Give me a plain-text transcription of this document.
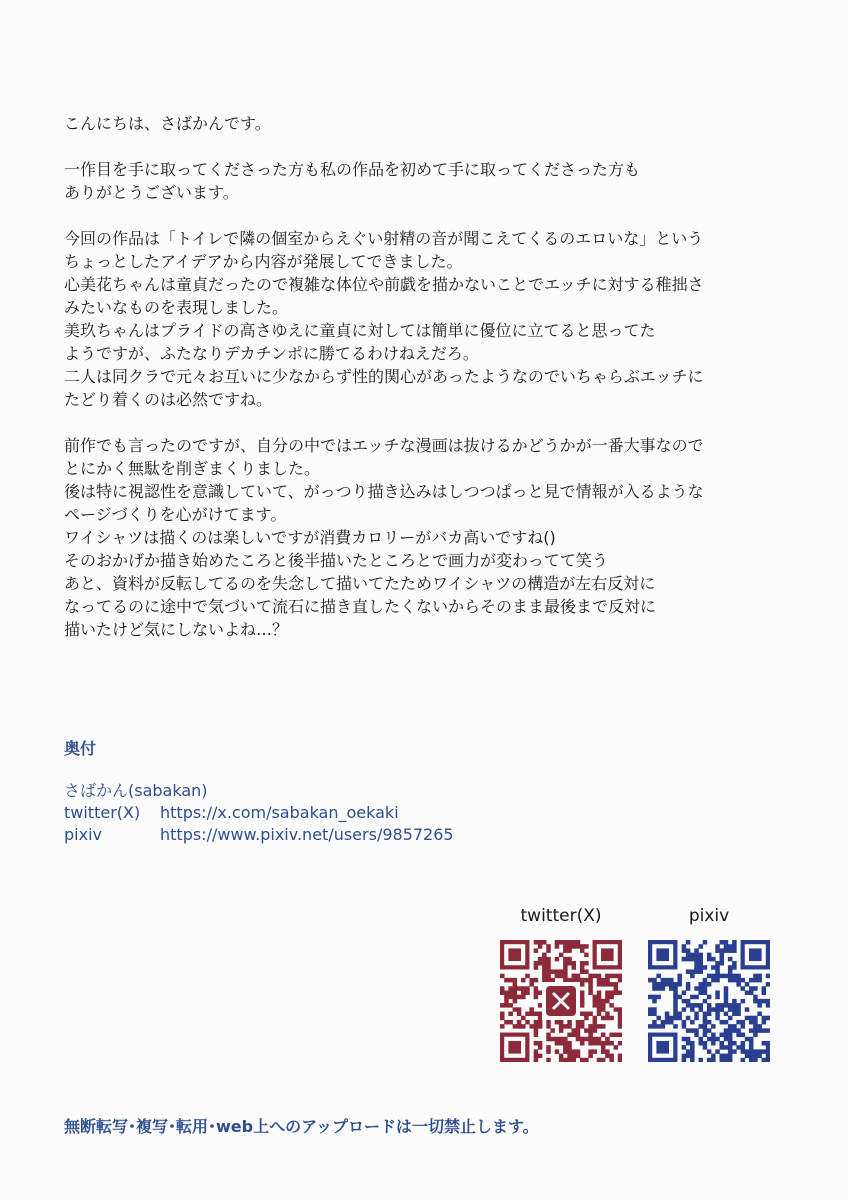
こんにちは、さばかんです。
一作目を手に取ってくださった方も私の作品を初めて手に取ってくださった方も
ありがとうございます。
今回の作品は「トイレで隣の個室からえぐい射精の音が聞こえてくるのエロいな」という
ちょっとしたアイデアから内容が発展してできました。
心美花ちゃんは童貞だったので複雑な体位や前戯を描かないことでエッチに対する稚拙さ
みたいなものを表現しました。
美玖ちゃんはプライドの高さゆえに童貞に対しては簡単に優位に立てると思ってた
ようですが、ふたなりデカチンポに勝てるわけねえだろ。
二人は同クラで元々お互いに少なからず性的関心があったようなのでいちゃらぶエッチに
たどり着くのは必然ですね。
前作でも言ったのですが、自分の中ではエッチな漫画は抜けるかどうかが一番大事なので
とにかく無駄を削ぎまくりました。
後は特に視認性を意識していて、がっつり描き込みはしつつぱっと見で情報が入るような
ページづくりを心がけてます。
ワイシャツは描くのは楽しいですが消費カロリーがバカ高いですね()
そのおかげか描き始めたころと後半描いたところとで画力が変わってて笑う
あと、資料が反転してるのを失念して描いてたためワイシャツの構造が左右反対に
なってるのに途中で気づいて流石に描き直したくないからそのまま最後まで反対に
描いたけど気にしないよね…？
奥付
さばかん(sabakan)
twitter(X)	https://x.com/sabakan_oekaki
pixiv	https://www.pixiv.net/users/9857265
twitter(X)	pixiv
無断転写･複写･転用･web上へのアップロードは一切禁止します。
